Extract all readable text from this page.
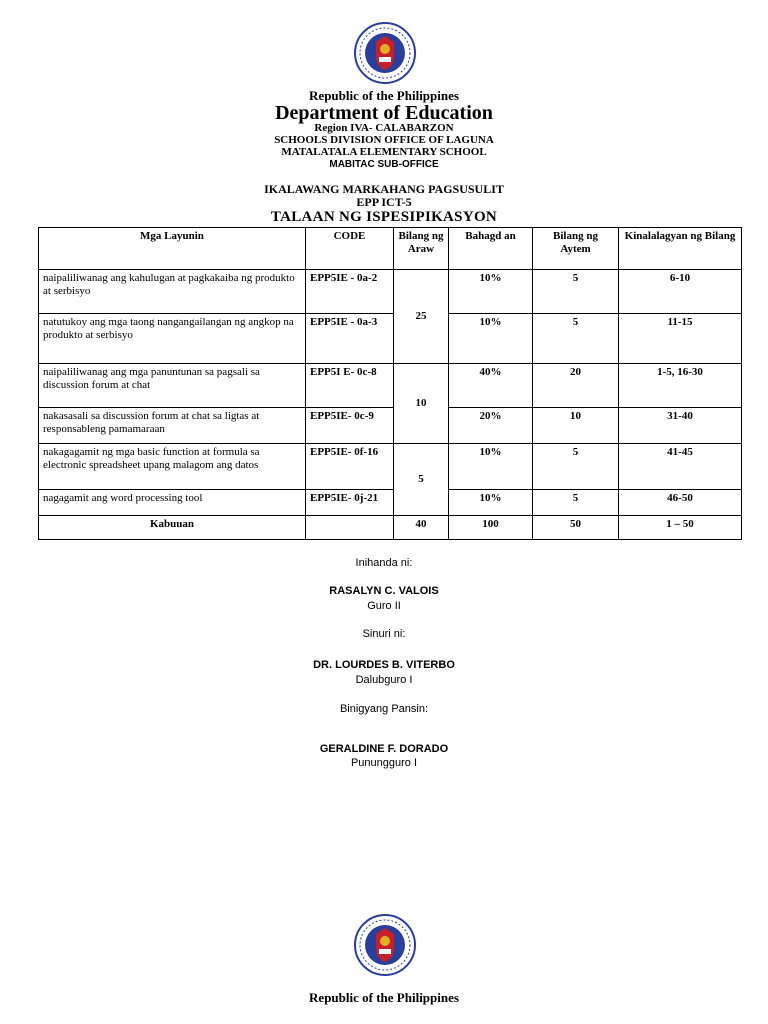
Republic of the Philippines
Department of Education
Region IVA- CALABARZON
SCHOOLS DIVISION OFFICE OF LAGUNA
MATALATALA ELEMENTARY SCHOOL
MABITAC SUB-OFFICE
IKALAWANG MARKAHANG PAGSUSULIT
EPP ICT-5
TALAAN NG ISPESIPIKASYON
Mga Layunin	CODE	Bilang ng Araw	Bahagd an	Bilang ng Aytem	Kinalalagyan ng Bilang
naipaliliwanag ang kahulugan at pagkakaiba ng produkto at serbisyo	EPP5IE - 0a-2	25	10%	5	6-10
natutukoy ang mga taong nangangailangan ng angkop na produkto at serbisyo	EPP5IE - 0a-3		10%	5	11-15
naipaliliwanag ang mga panuntunan sa pagsali sa discussion forum at chat	EPP5I E- 0c-8	10	40%	20	1-5, 16-30
nakasasali sa discussion forum at chat sa ligtas at responsableng pamamaraan	EPP5IE- 0c-9		20%	10	31-40
nakagagamit ng mga basic function at formula sa electronic spreadsheet upang malagom ang datos	EPP5IE- 0f-16	5	10%	5	41-45
nagagamit ang word processing tool	EPP5IE- 0j-21		10%	5	46-50
Kabuuan		40	100	50	1 – 50
Inihanda ni:
RASALYN C. VALOIS
Guro II
Sinuri ni:
DR. LOURDES B. VITERBO
Dalubguro I
Binigyang Pansin:
GERALDINE F. DORADO
Punungguro I
Republic of the Philippines
